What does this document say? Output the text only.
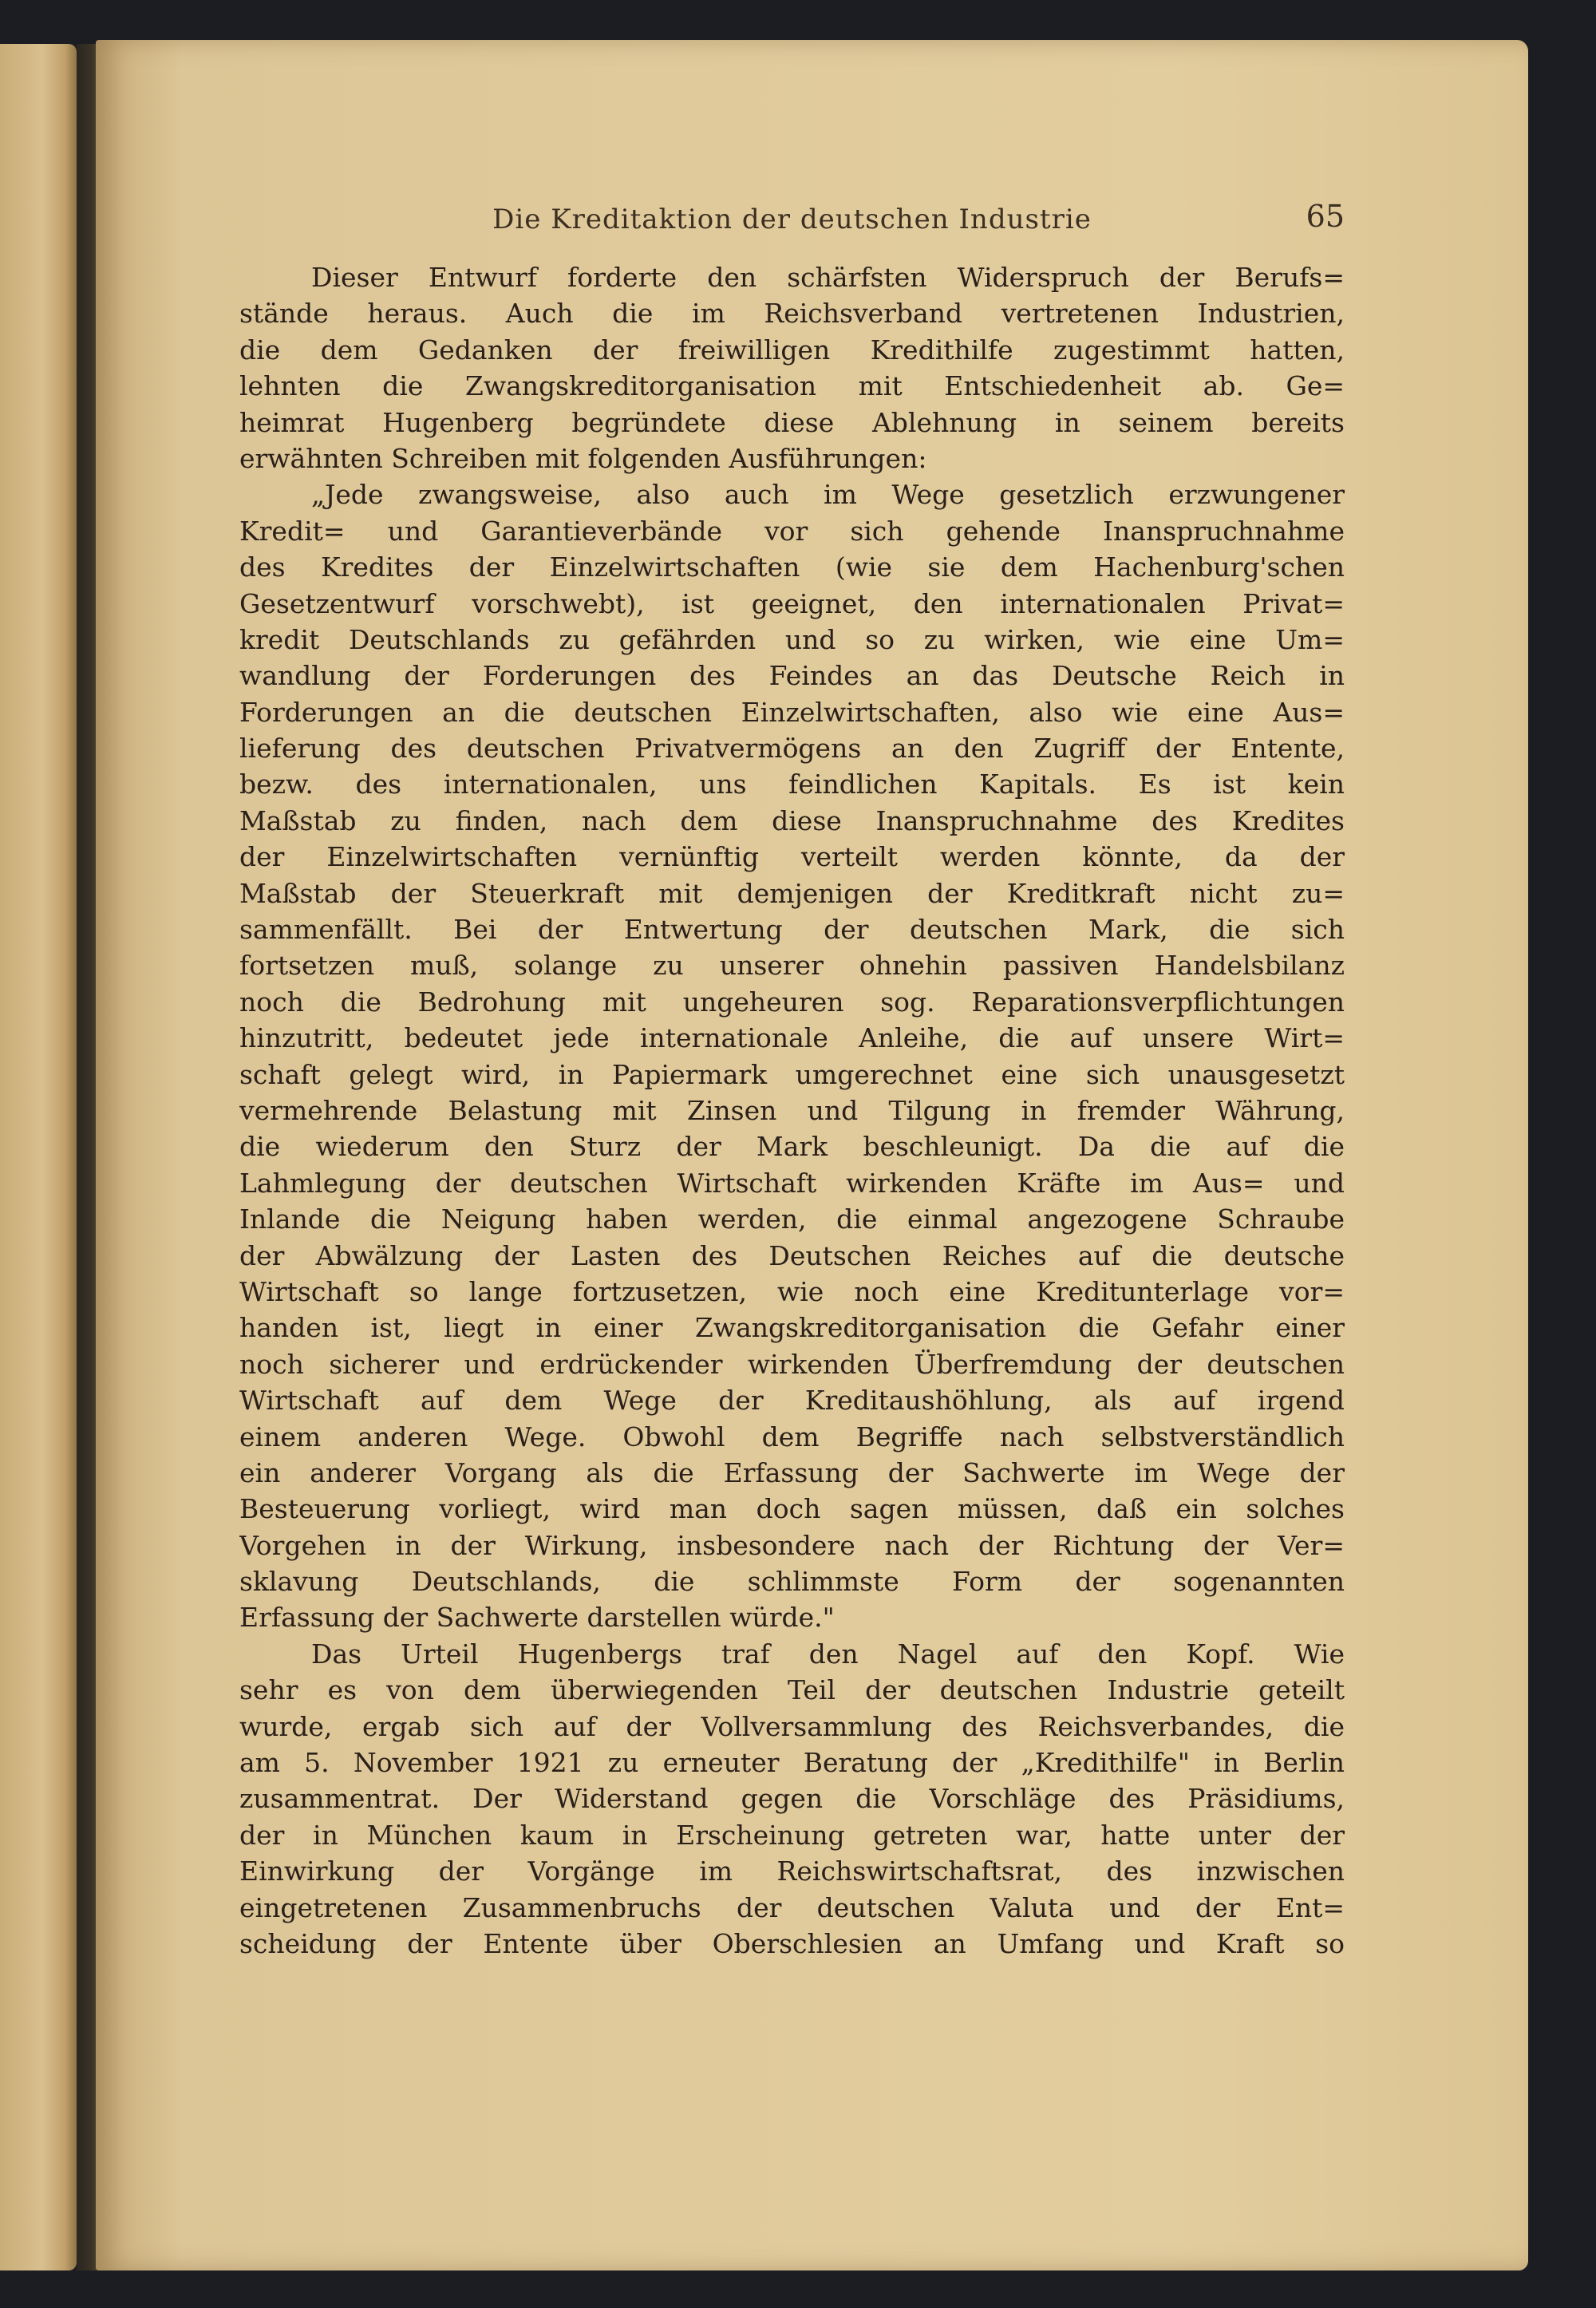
Die Kreditaktion der deutschen Industrie	65
Dieser Entwurf forderte den schärfsten Widerspruch der Berufs=
stände heraus. Auch die im Reichsverband vertretenen Industrien,
die dem Gedanken der freiwilligen Kredithilfe zugestimmt hatten,
lehnten die Zwangskreditorganisation mit Entschiedenheit ab. Ge=
heimrat Hugenberg begründete diese Ablehnung in seinem bereits
erwähnten Schreiben mit folgenden Ausführungen:
„Jede zwangsweise, also auch im Wege gesetzlich erzwungener
Kredit= und Garantieverbände vor sich gehende Inanspruchnahme
des Kredites der Einzelwirtschaften (wie sie dem Hachenburg'schen
Gesetzentwurf vorschwebt), ist geeignet, den internationalen Privat=
kredit Deutschlands zu gefährden und so zu wirken, wie eine Um=
wandlung der Forderungen des Feindes an das Deutsche Reich in
Forderungen an die deutschen Einzelwirtschaften, also wie eine Aus=
lieferung des deutschen Privatvermögens an den Zugriff der Entente,
bezw. des internationalen, uns feindlichen Kapitals. Es ist kein
Maßstab zu finden, nach dem diese Inanspruchnahme des Kredites
der Einzelwirtschaften vernünftig verteilt werden könnte, da der
Maßstab der Steuerkraft mit demjenigen der Kreditkraft nicht zu=
sammenfällt. Bei der Entwertung der deutschen Mark, die sich
fortsetzen muß, solange zu unserer ohnehin passiven Handelsbilanz
noch die Bedrohung mit ungeheuren sog. Reparationsverpflichtungen
hinzutritt, bedeutet jede internationale Anleihe, die auf unsere Wirt=
schaft gelegt wird, in Papiermark umgerechnet eine sich unausgesetzt
vermehrende Belastung mit Zinsen und Tilgung in fremder Währung,
die wiederum den Sturz der Mark beschleunigt. Da die auf die
Lahmlegung der deutschen Wirtschaft wirkenden Kräfte im Aus= und
Inlande die Neigung haben werden, die einmal angezogene Schraube
der Abwälzung der Lasten des Deutschen Reiches auf die deutsche
Wirtschaft so lange fortzusetzen, wie noch eine Kreditunterlage vor=
handen ist, liegt in einer Zwangskreditorganisation die Gefahr einer
noch sicherer und erdrückender wirkenden Überfremdung der deutschen
Wirtschaft auf dem Wege der Kreditaushöhlung, als auf irgend
einem anderen Wege. Obwohl dem Begriffe nach selbstverständlich
ein anderer Vorgang als die Erfassung der Sachwerte im Wege der
Besteuerung vorliegt, wird man doch sagen müssen, daß ein solches
Vorgehen in der Wirkung, insbesondere nach der Richtung der Ver=
sklavung Deutschlands, die schlimmste Form der sogenannten
Erfassung der Sachwerte darstellen würde."
Das Urteil Hugenbergs traf den Nagel auf den Kopf. Wie
sehr es von dem überwiegenden Teil der deutschen Industrie geteilt
wurde, ergab sich auf der Vollversammlung des Reichsverbandes, die
am 5. November 1921 zu erneuter Beratung der „Kredithilfe" in Berlin
zusammentrat. Der Widerstand gegen die Vorschläge des Präsidiums,
der in München kaum in Erscheinung getreten war, hatte unter der
Einwirkung der Vorgänge im Reichswirtschaftsrat, des inzwischen
eingetretenen Zusammenbruchs der deutschen Valuta und der Ent=
scheidung der Entente über Oberschlesien an Umfang und Kraft so
